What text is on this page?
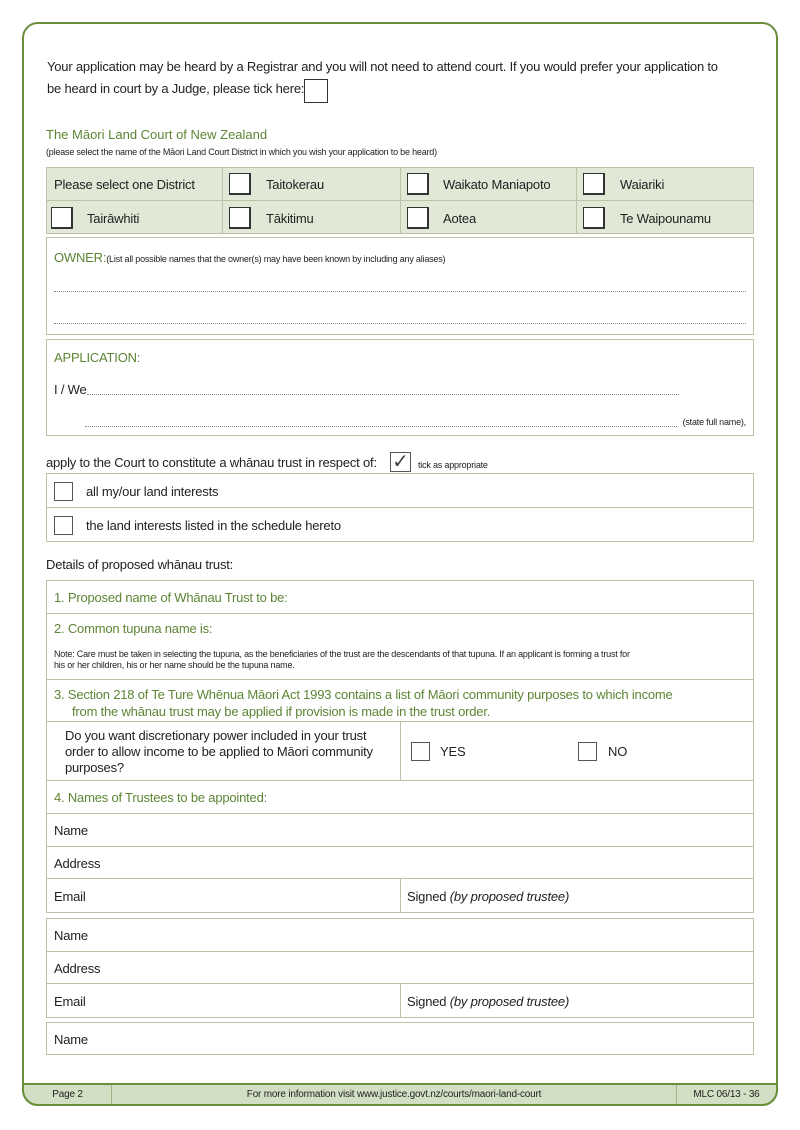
Your application may be heard by a Registrar and you will not need to attend court. If you would prefer your application to
be heard in court by a Judge, please tick here:
The Māori Land Court of New Zealand
(please select the name of the Māori Land Court District in which you wish your application to be heard)
Please select one District	Taitokerau	Waikato Maniapoto	Waiariki
Tairāwhiti	Tākitimu	Aotea	Te Waipounamu
OWNER:(List all possible names that the owner(s) may have been known by including any aliases)
APPLICATION:
I / We
(state full name),
apply to the Court to constitute a whānau trust in respect of: ✓ tick as appropriate
all my/our land interests
the land interests listed in the schedule hereto
Details of proposed whānau trust:
1. Proposed name of Whānau Trust to be:
2. Common tupuna name is:
Note: Care must be taken in selecting the tupuna, as the beneficiaries of the trust are the descendants of that tupuna. If an applicant is forming a trust for
his or her children, his or her name should be the tupuna name.
3. Section 218 of Te Ture Whēnua Māori Act 1993 contains a list of Māori community purposes to which income
from the whānau trust may be applied if provision is made in the trust order.
Do you want discretionary power included in your trust order to allow income to be applied to Māori community purposes?
YES	NO
4. Names of Trustees to be appointed:
Name
Address
Email	Signed (by proposed trustee)
Name
Address
Email	Signed (by proposed trustee)
Name
Page 2	For more information visit www.justice.govt.nz/courts/maori-land-court	MLC 06/13 - 36
